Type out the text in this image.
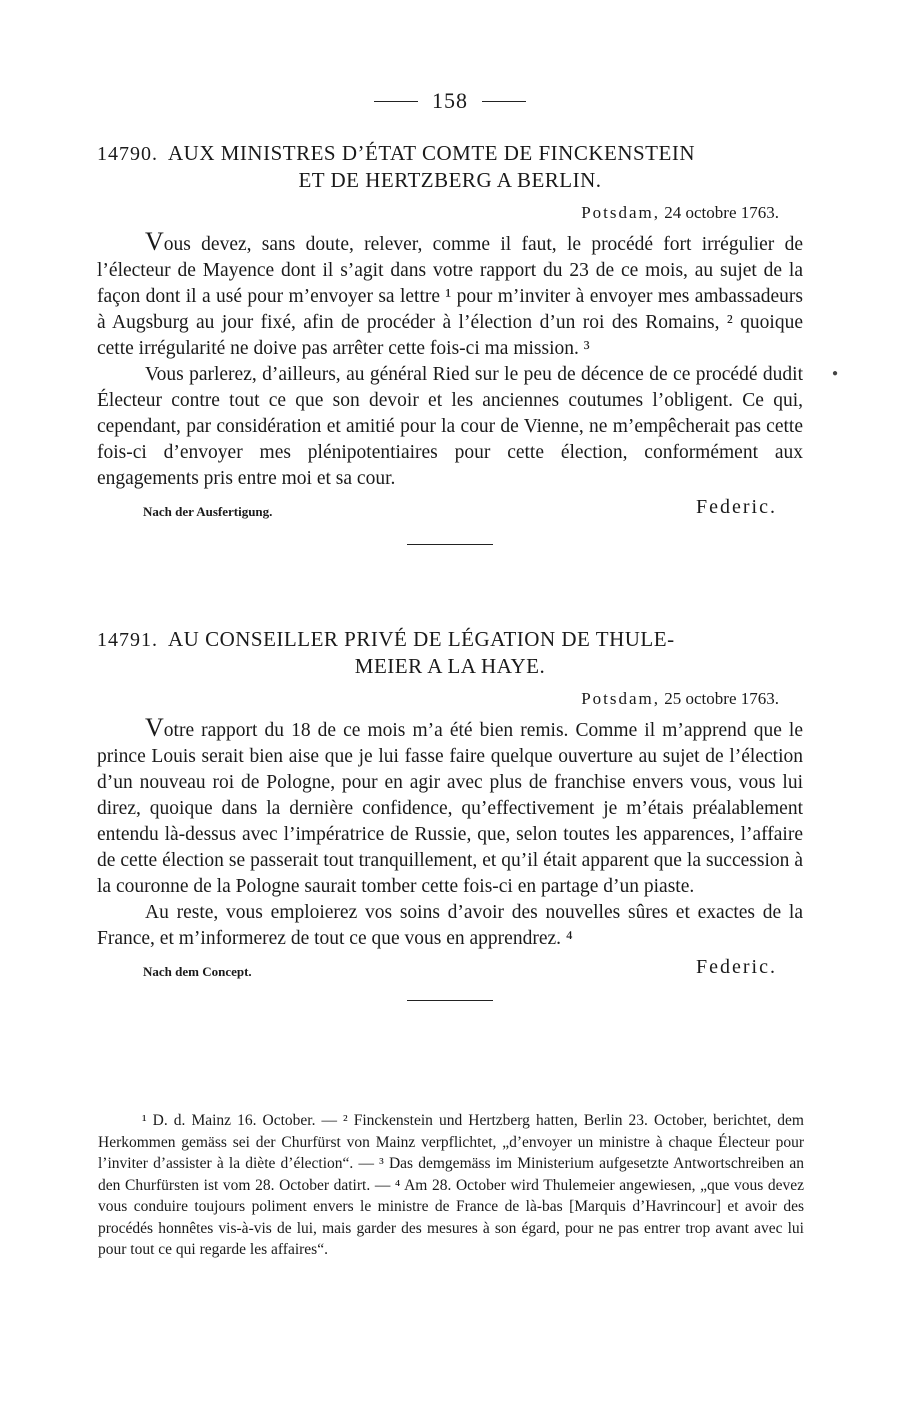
158
14790. AUX MINISTRES D’ÉTAT COMTE DE FINCKENSTEIN
ET DE HERTZBERG A BERLIN.
Potsdam, 24 octobre 1763.

Vous devez, sans doute, relever, comme il faut, le procédé fort irrégulier de l’électeur de Mayence dont il s’agit dans votre rapport du 23 de ce mois, au sujet de la façon dont il a usé pour m’envoyer sa lettre ¹ pour m’inviter à envoyer mes ambassadeurs à Augsburg au jour fixé, afin de procéder à l’élection d’un roi des Romains, ² quoique cette irrégularité ne doive pas arrêter cette fois-ci ma mission. ³

Vous parlerez, d’ailleurs, au général Ried sur le peu de décence de ce procédé dudit Électeur contre tout ce que son devoir et les anciennes coutumes l’obligent. Ce qui, cependant, par considération et amitié pour la cour de Vienne, ne m’empêcherait pas cette fois-ci d’envoyer mes plénipotentiaires pour cette élection, conformément aux engagements pris entre moi et sa cour.

Nach der Ausfertigung.	Federic.
14791. AU CONSEILLER PRIVÉ DE LÉGATION DE THULE-
MEIER A LA HAYE.
Potsdam, 25 octobre 1763.

Votre rapport du 18 de ce mois m’a été bien remis. Comme il m’apprend que le prince Louis serait bien aise que je lui fasse faire quelque ouverture au sujet de l’élection d’un nouveau roi de Pologne, pour en agir avec plus de franchise envers vous, vous lui direz, quoique dans la dernière confidence, qu’effectivement je m’étais préalablement entendu là-dessus avec l’impératrice de Russie, que, selon toutes les apparences, l’affaire de cette élection se passerait tout tranquillement, et qu’il était apparent que la succession à la couronne de la Pologne saurait tomber cette fois-ci en partage d’un piaste.

Au reste, vous emploierez vos soins d’avoir des nouvelles sûres et exactes de la France, et m’informerez de tout ce que vous en apprendrez. ⁴

Nach dem Concept.	Federic.

¹ D. d. Mainz 16. October. — ² Finckenstein und Hertzberg hatten, Berlin 23. October, berichtet, dem Herkommen gemäss sei der Churfürst von Mainz verpflichtet, „d’envoyer un ministre à chaque Électeur pour l’inviter d’assister à la diète d’élection“. — ³ Das demgemäss im Ministerium aufgesetzte Antwortschreiben an den Churfürsten ist vom 28. October datirt. — ⁴ Am 28. October wird Thulemeier angewiesen, „que vous devez vous conduire toujours poliment envers le ministre de France de là-bas [Marquis d’Havrincour] et avoir des procédés honnêtes vis-à-vis de lui, mais garder des mesures à son égard, pour ne pas entrer trop avant avec lui pour tout ce qui regarde les affaires“.

●
